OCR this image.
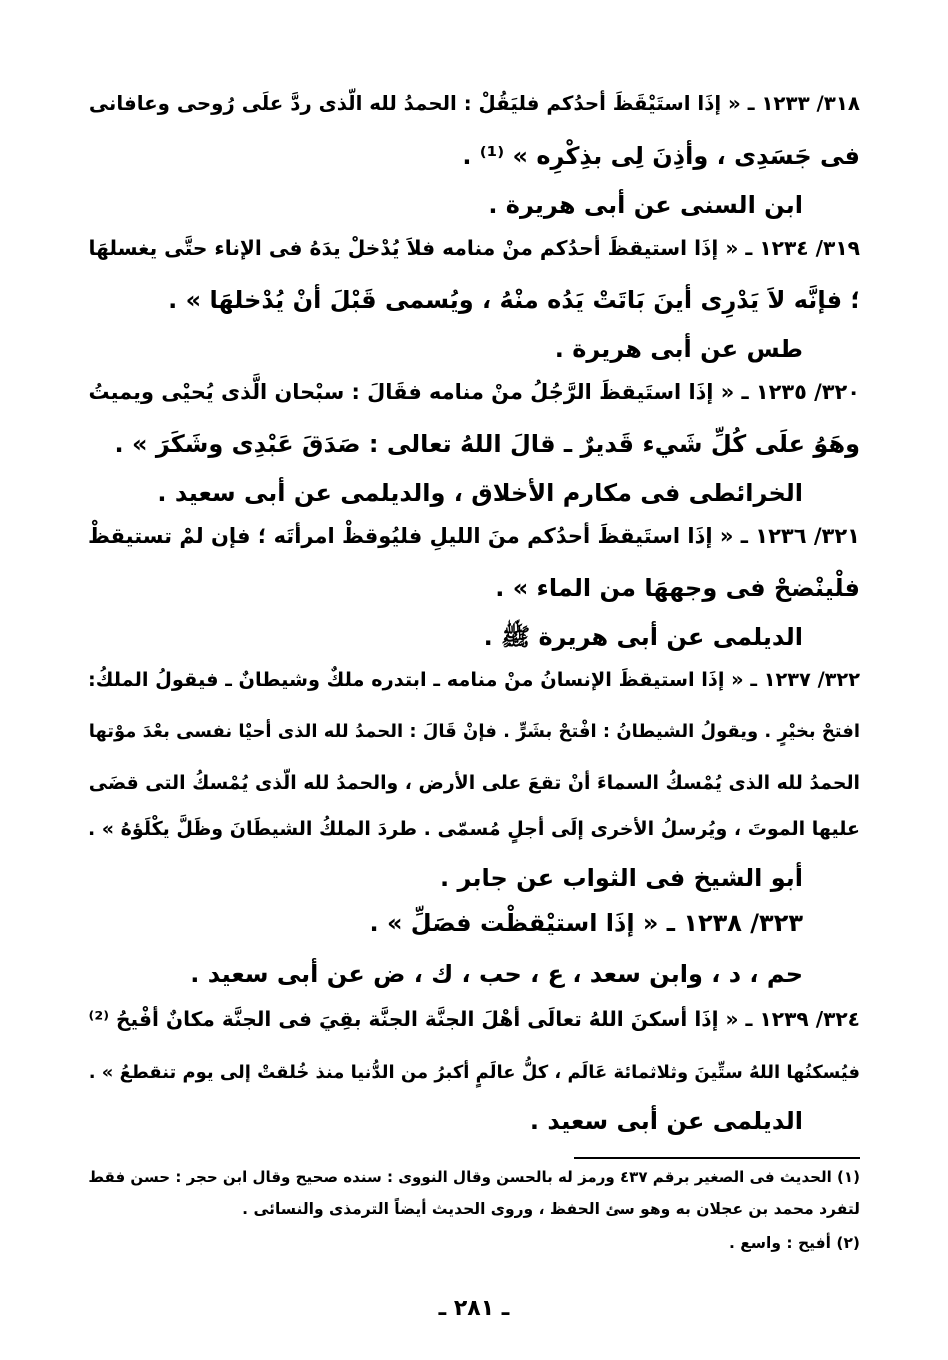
٣١٨/ ١٢٣٣ ـ « إذَا استَيْقَظَ أحدُكم فليَقُلْ : الحمدُ لله الّذى ردَّ علَى رُوحى وعافانى
فى جَسَدِى ، وأذِنَ لِى بذِكْرِه » ⁽¹⁾ .
ابن السنى عن أبى هريرة .
٣١٩/ ١٢٣٤ ـ « إذَا استيقظَ أحدُكم منْ منامه فلاَ يُدْخلْ يدَهُ فى الإناء حتَّى يغسلهَا
؛ فإنَّه لاَ يَدْرِى أينَ بَاتَتْ يَدُه منْهُ ، ويُسمى قَبْلَ أنْ يُدْخلهَا » .
طس عن أبى هريرة .
٣٢٠/ ١٢٣٥ ـ « إذَا استَيقظَ الرَّجُلُ منْ منامه فقَالَ : سبْحان الَّذى يُحيْى ويميتُ
وهَوُ علَى كُلِّ شَيء قَديرٌ ـ قالَ اللهُ تعالى : صَدَقَ عَبْدِى وشَكَرَ » .
الخرائطى فى مكارم الأخلاق ، والديلمى عن أبى سعيد .
٣٢١/ ١٢٣٦ ـ « إذَا استَيقظَ أحدُكم منَ الليلِ فليُوقظْ امرأتَه ؛ فإن لمْ تستيقظْ
فلْينْضحْ فى وجههَا من الماء » .
الديلمى عن أبى هريرة ﷺ .
٣٢٢/ ١٢٣٧ ـ « إذَا استيقظَ الإنسانُ منْ منامه ـ ابتدره ملكٌ وشيطانٌ ـ فيقولُ الملكُ:
افتحْ بخيْرٍ . ويقولُ الشيطانُ : افْتحْ بشَرٍّ . فإنْ قَالَ : الحمدُ لله الذى أحيْا نفسى بعْدَ موْتها
الحمدُ لله الذى يُمْسكُ السماءَ أنْ تقعَ على الأرض ، والحمدُ لله الّذى يُمْسكُ التى قضَى
عليها الموتَ ، ويُرسلُ الأخرى إلَى أجلٍ مُسمّى . طردَ الملكُ الشيطَانَ وظَلَّ يكْلَؤهُ » .
أبو الشيخ فى الثواب عن جابر .
٣٢٣/ ١٢٣٨ ـ « إذَا استيْقظْت فصَلِّ » .
حم ، د ، وابن سعد ، ع ، حب ، ك ، ض عن أبى سعيد .
٣٢٤/ ١٢٣٩ ـ « إذَا أسكنَ اللهُ تعالَى أهْلَ الجنَّة الجنَّة بقِيَ فى الجنَّة مكانٌ أفْيحُ ⁽²⁾
فيُسكنُها اللهُ ستِّينَ وثلاثمائة عَالَم ، كلُّ عالَمٍ أكبرُ من الدُّنيا منذ خُلقتْ إلى يوم تنقطعُ » .
الديلمى عن أبى سعيد .
(١) الحديث فى الصغير برقم ٤٣٧ ورمز له بالحسن وقال النووى : سنده صحيح وقال ابن حجر : حسن فقط
لتفرد محمد بن عجلان به وهو سئ الحفظ ، وروى الحديث أيضاً الترمذى والنسائى .
(٢) أفيح : واسع .
ـ ٢٨١ ـ
